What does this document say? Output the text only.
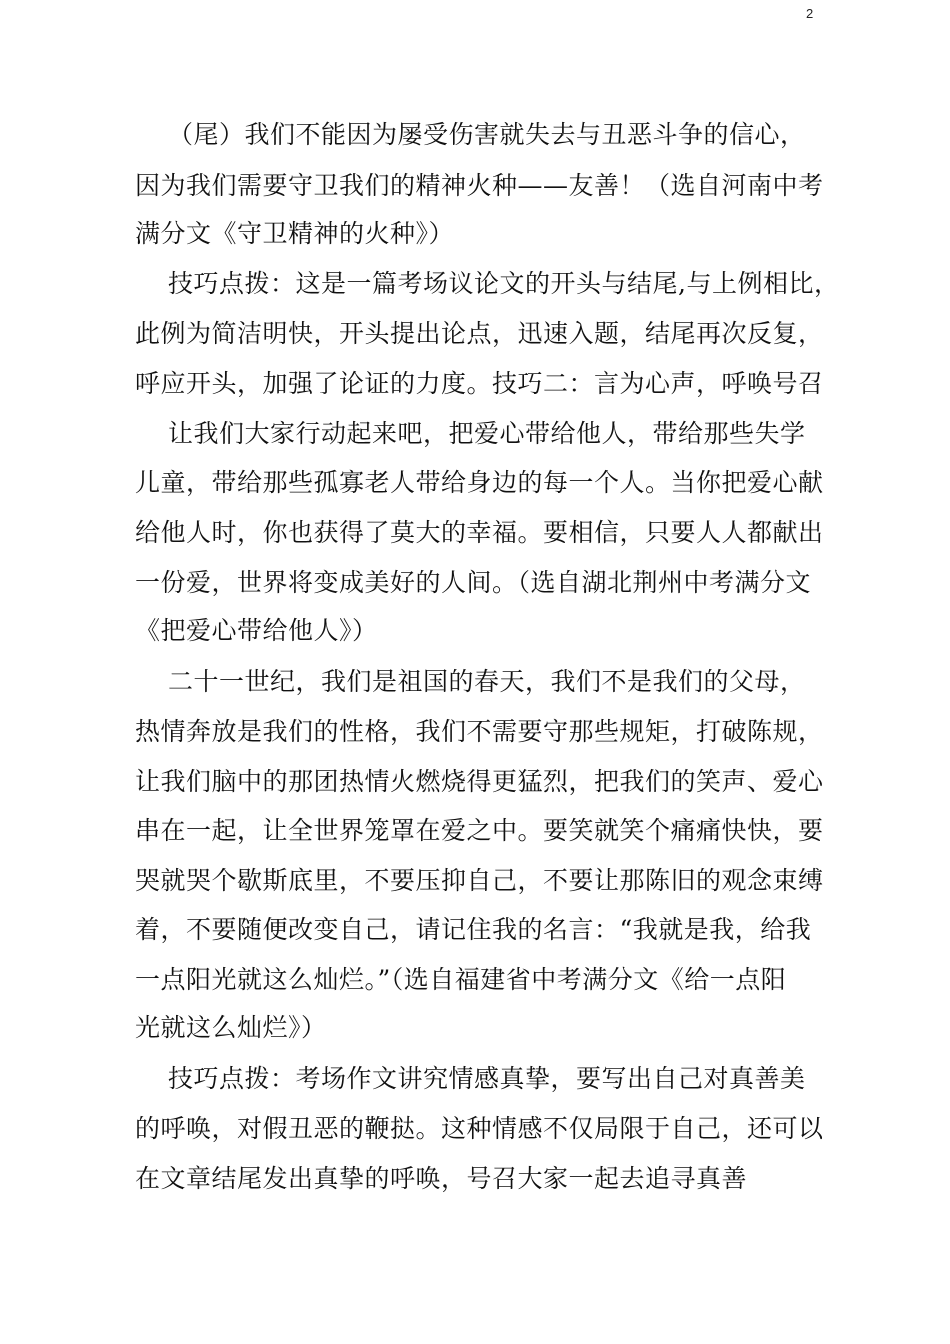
2
（尾）我们不能因为屡受伤害就失去与丑恶斗争的信心，
因为我们需要守卫我们的精神火种——友善！（选自河南中考
满分文《守卫精神的火种》）
技巧点拨：这是一篇考场议论文的开头与结尾,与上例相比，
此例为简洁明快，开头提出论点，迅速入题，结尾再次反复，
呼应开头，加强了论证的力度。技巧二：言为心声，呼唤号召
让我们大家行动起来吧，把爱心带给他人，带给那些失学
儿童，带给那些孤寡老人带给身边的每一个人。当你把爱心献
给他人时，你也获得了莫大的幸福。要相信，只要人人都献出
一份爱，世界将变成美好的人间。（选自湖北荆州中考满分文
《把爱心带给他人》）
二十一世纪，我们是祖国的春天，我们不是我们的父母，
热情奔放是我们的性格，我们不需要守那些规矩，打破陈规，
让我们脑中的那团热情火燃烧得更猛烈，把我们的笑声、爱心
串在一起，让全世界笼罩在爱之中。要笑就笑个痛痛快快，要
哭就哭个歇斯底里，不要压抑自己，不要让那陈旧的观念束缚
着，不要随便改变自己，请记住我的名言：“我就是我，给我
一点阳光就这么灿烂。”（选自福建省中考满分文《给一点阳
光就这么灿烂》）
技巧点拨：考场作文讲究情感真挚，要写出自己对真善美
的呼唤，对假丑恶的鞭挞。这种情感不仅局限于自己，还可以
在文章结尾发出真挚的呼唤，号召大家一起去追寻真善
